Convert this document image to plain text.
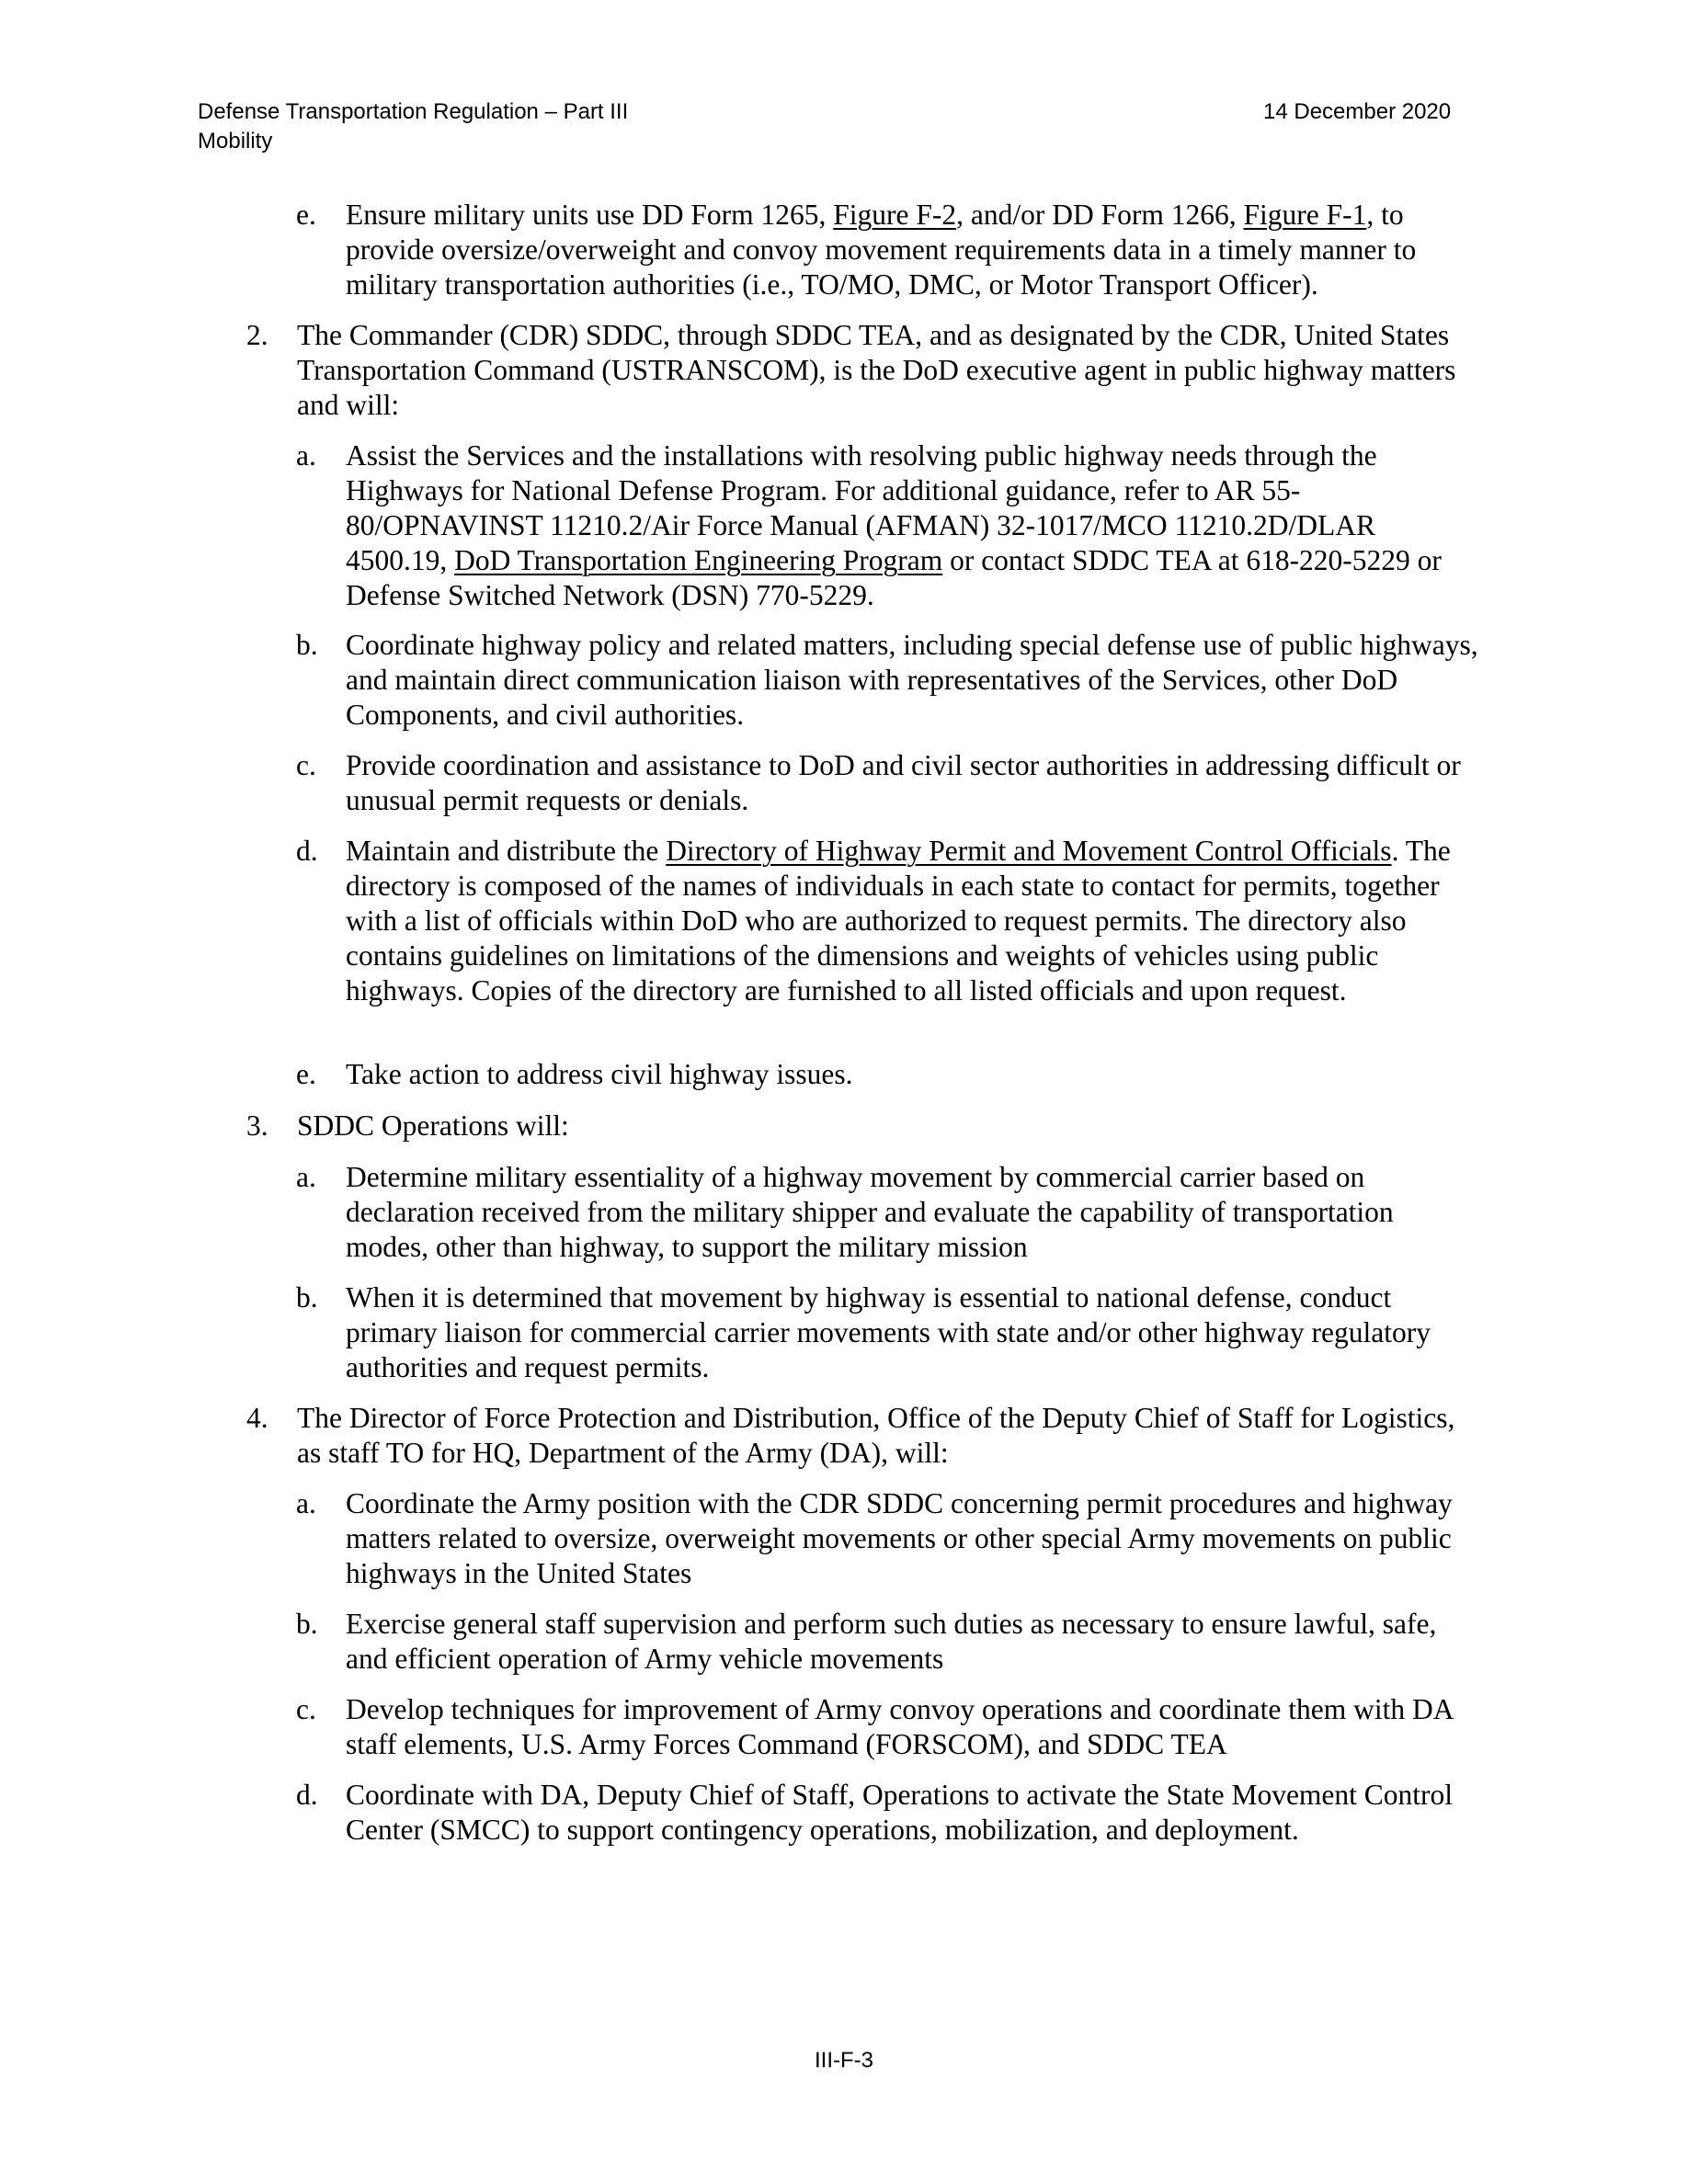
Defense Transportation Regulation – Part III
Mobility
14 December 2020
e. Ensure military units use DD Form 1265, Figure F-2, and/or DD Form 1266, Figure F-1, to provide oversize/overweight and convoy movement requirements data in a timely manner to military transportation authorities (i.e., TO/MO, DMC, or Motor Transport Officer).

2. The Commander (CDR) SDDC, through SDDC TEA, and as designated by the CDR, United States Transportation Command (USTRANSCOM), is the DoD executive agent in public highway matters and will:

a. Assist the Services and the installations with resolving public highway needs through the Highways for National Defense Program. For additional guidance, refer to AR 55-80/OPNAVINST 11210.2/Air Force Manual (AFMAN) 32-1017/MCO 11210.2D/DLAR 4500.19, DoD Transportation Engineering Program or contact SDDC TEA at 618-220-5229 or Defense Switched Network (DSN) 770-5229.

b. Coordinate highway policy and related matters, including special defense use of public highways, and maintain direct communication liaison with representatives of the Services, other DoD Components, and civil authorities.

c. Provide coordination and assistance to DoD and civil sector authorities in addressing difficult or unusual permit requests or denials.

d. Maintain and distribute the Directory of Highway Permit and Movement Control Officials. The directory is composed of the names of individuals in each state to contact for permits, together with a list of officials within DoD who are authorized to request permits. The directory also contains guidelines on limitations of the dimensions and weights of vehicles using public highways. Copies of the directory are furnished to all listed officials and upon request.

e. Take action to address civil highway issues.

3. SDDC Operations will:

a. Determine military essentiality of a highway movement by commercial carrier based on declaration received from the military shipper and evaluate the capability of transportation modes, other than highway, to support the military mission

b. When it is determined that movement by highway is essential to national defense, conduct primary liaison for commercial carrier movements with state and/or other highway regulatory authorities and request permits.

4. The Director of Force Protection and Distribution, Office of the Deputy Chief of Staff for Logistics, as staff TO for HQ, Department of the Army (DA), will:

a. Coordinate the Army position with the CDR SDDC concerning permit procedures and highway matters related to oversize, overweight movements or other special Army movements on public highways in the United States

b. Exercise general staff supervision and perform such duties as necessary to ensure lawful, safe, and efficient operation of Army vehicle movements

c. Develop techniques for improvement of Army convoy operations and coordinate them with DA staff elements, U.S. Army Forces Command (FORSCOM), and SDDC TEA

d. Coordinate with DA, Deputy Chief of Staff, Operations to activate the State Movement Control Center (SMCC) to support contingency operations, mobilization, and deployment.

III-F-3
